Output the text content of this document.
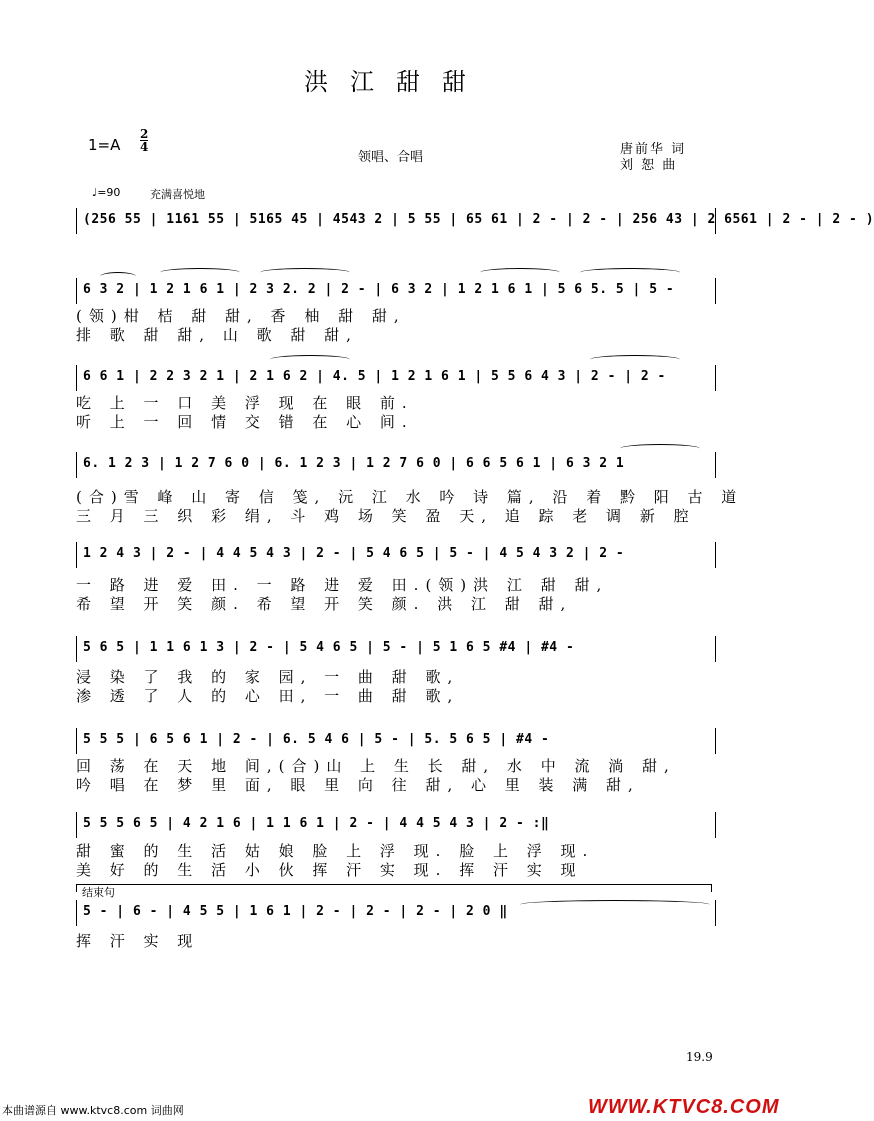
洪江甜甜
1=A
2
4
领唱、合唱
唐前华 词
刘 恕 曲
♩=90	充满喜悦地
(256 55 | 1161 55 | 5165 45 | 4543 2 | 5 55 | 65 61 | 2 - | 2 - | 256 43 | 2 6561 | 2 - | 2 - )
6 3 2 | 1 2 1 6 1 | 2 3 2. 2 | 2 - | 6 3 2 | 1 2 1 6 1 | 5 6 5. 5 | 5 -
6 6 1 | 2 2 3 2 1 | 2 1 6 2 | 4. 5 | 1 2 1 6 1 | 5 5 6 4 3 | 2 - | 2 -
6. 1 2 3 | 1 2 7 6 0 | 6. 1 2 3 | 1 2 7 6 0 | 6 6 5 6 1 | 6 3 2 1
1 2 4 3 | 2 - | 4 4 5 4 3 | 2 - | 5 4 6 5 | 5 - | 4 5 4 3 2 | 2 -
5 6 5 | 1 1 6 1 3 | 2 - | 5 4 6 5 | 5 - | 5 1 6 5 #4 | #4 -
5 5 5 | 6 5 6 1 | 2 - | 6. 5 4 6 | 5 - | 5. 5 6 5 | #4 -
5 5 5 6 5 | 4 2 1 6 | 1 1 6 1 | 2 - | 4 4 5 4 3 | 2 - :‖
结束句
5 - | 6 - | 4 5 5 | 1 6 1 | 2 - | 2 - | 2 - | 2 0 ‖
(领)柑 桔 甜 甜, 香 柚 甜 甜,
排 歌 甜 甜, 山 歌 甜 甜,
吃 上 一 口 美 浮 现 在 眼 前.
听 上 一 回 情 交 错 在 心 间.
(合)雪 峰 山 寄 信 笺, 沅 江 水 吟 诗 篇, 沿 着 黔 阳 古 道
三 月 三 织 彩 绢, 斗 鸡 场 笑 盈 天, 追 踪 老 调 新 腔
一 路 进 爱 田. 一 路 进 爱 田.(领)洪 江 甜 甜,
希 望 开 笑 颜. 希 望 开 笑 颜. 洪 江 甜 甜,
浸 染 了 我 的 家 园, 一 曲 甜 歌,
渗 透 了 人 的 心 田, 一 曲 甜 歌,
回 荡 在 天 地 间,(合)山 上 生 长 甜, 水 中 流 淌 甜,
吟 唱 在 梦 里 面, 眼 里 向 往 甜, 心 里 装 满 甜,
甜 蜜 的 生 活 姑 娘 脸 上 浮 现. 脸 上 浮 现.
美 好 的 生 活 小 伙 挥 汗 实 现. 挥 汗 实 现
挥 汗 实 现
19.9
本曲谱源自 www.ktvc8.com 词曲网	WWW.KTVC8.COM
